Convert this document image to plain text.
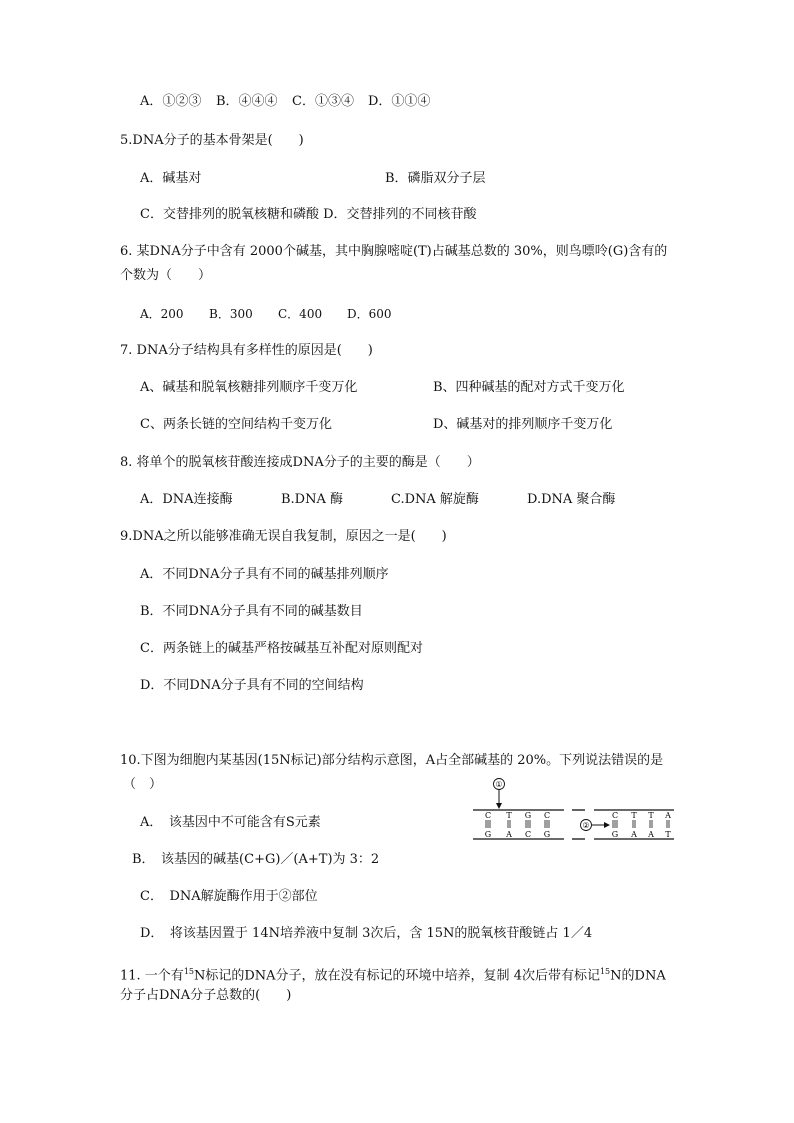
A．①②③ B．④④④ C．①③④ D．①①④
5.DNA分子的基本骨架是(　　)
A．碱基对	B．磷脂双分子层
C．交替排列的脱氧核糖和磷酸 D．交替排列的不同核苷酸
6. 某DNA分子中含有 2000个碱基，其中胸腺嘧啶(T)占碱基总数的 30%，则鸟嘌呤(G)含有的
个数为（　　）
A．200 B．300 C．400 D．600
7. DNA分子结构具有多样性的原因是(　　)
A、碱基和脱氧核糖排列顺序千变万化	B、四种碱基的配对方式千变万化
C、两条长链的空间结构千变万化	D、碱基对的排列顺序千变万化
8. 将单个的脱氧核苷酸连接成DNA分子的主要的酶是（　　）
A．DNA连接酶	B.DNA 酶	C.DNA 解旋酶	D.DNA 聚合酶
9.DNA之所以能够准确无误自我复制，原因之一是(　　)
A．不同DNA分子具有不同的碱基排列顺序
B．不同DNA分子具有不同的碱基数目
C．两条链上的碱基严格按碱基互补配对原则配对
D．不同DNA分子具有不同的空间结构
10.下图为细胞内某基因(15N标记)部分结构示意图，A占全部碱基的 20%。下列说法错误的是
（　）
A．　该基因中不可能含有S元素
B．　该基因的碱基(C+G)／(A+T)为 3：2
C．　DNA解旋酶作用于②部位
D．　将该基因置于 14N培养液中复制 3次后，含 15N的脱氧核苷酸链占 1／4
①
C T G C
G A C G
②
C T T A
G A A T
11. 一个有$^{15}$N标记的DNA分子，放在没有标记的环境中培养，复制 4次后带有标记$^{15}$N的DNA
分子占DNA分子总数的(　　)
